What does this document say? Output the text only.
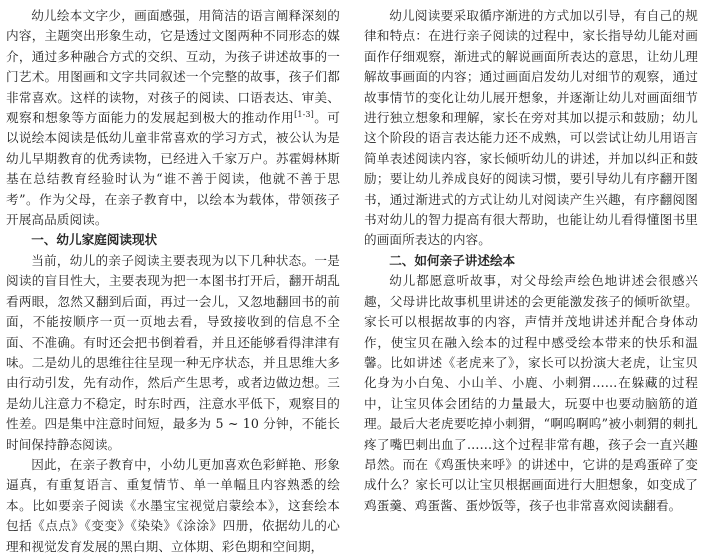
幼儿绘本文字少，画面感强，用简洁的语言阐释深刻的内容，主题突出形象生动，它是透过文图两种不同形态的媒介，通过多种融合方式的交织、互动，为孩子讲述故事的一门艺术。用图画和文字共同叙述一个完整的故事，孩子们都非常喜欢。这样的读物，对孩子的阅读、口语表达、审美、观察和想象等方面能力的发展起到极大的推动作用[1-3]。可以说绘本阅读是低幼儿童非常喜欢的学习方式，被公认为是幼儿早期教育的优秀读物，已经进入千家万户。苏霍姆林斯基在总结教育经验时认为“谁不善于阅读，他就不善于思考”。作为父母，在亲子教育中，以绘本为载体，带领孩子开展高品质阅读。

一、幼儿家庭阅读现状

当前，幼儿的亲子阅读主要表现为以下几种状态。一是阅读的盲目性大，主要表现为把一本图书打开后，翻开胡乱看两眼，忽然又翻到后面，再过一会儿，又忽地翻回书的前面，不能按顺序一页一页地去看，导致接收到的信息不全面、不准确。有时还会把书倒着看，并且还能够看得津津有味。二是幼儿的思维往往呈现一种无序状态，并且思维大多由行动引发，先有动作，然后产生思考，或者边做边想。三是幼儿注意力不稳定，时东时西，注意水平低下，观察目的性差。四是集中注意时间短，最多为 5 ~ 10 分钟，不能长时间保持静态阅读。

因此，在亲子教育中，小幼儿更加喜欢色彩鲜艳、形象逼真，有重复语言、重复情节、单一单幅且内容熟悉的绘本。比如要亲子阅读《水墨宝宝视觉启蒙绘本》，这套绘本包括《点点》《变变》《染染》《涂涂》四册，依据幼儿的心理和视觉发育发展的黑白期、立体期、彩色期和空间期，

幼儿阅读要采取循序渐进的方式加以引导，有自己的规律和特点：在进行亲子阅读的过程中，家长指导幼儿能对画面作仔细观察，渐进式的解说画面所表达的意思，让幼儿理解故事画面的内容；通过画面启发幼儿对细节的观察，通过故事情节的变化让幼儿展开想象，并逐渐让幼儿对画面细节进行独立想象和理解，家长在旁对其加以提示和鼓励；幼儿这个阶段的语言表达能力还不成熟，可以尝试让幼儿用语言简单表述阅读内容，家长倾听幼儿的讲述，并加以纠正和鼓励；要让幼儿养成良好的阅读习惯，要引导幼儿有序翻开图书，通过渐进式的方式让幼儿对阅读产生兴趣，有序翻阅图书对幼儿的智力提高有很大帮助，也能让幼儿看得懂图书里的画面所表达的内容。

二、如何亲子讲述绘本

幼儿都愿意听故事，对父母绘声绘色地讲述会很感兴趣，父母讲比故事机里讲述的会更能激发孩子的倾听欲望。家长可以根据故事的内容，声情并茂地讲述并配合身体动作，使宝贝在融入绘本的过程中感受绘本带来的快乐和温馨。比如讲述《老虎来了》，家长可以扮演大老虎，让宝贝化身为小白兔、小山羊、小鹿、小刺猬……在躲藏的过程中，让宝贝体会团结的力量最大，玩耍中也要动脑筋的道理。最后大老虎要吃掉小刺猬，“啊呜啊呜”被小刺猬的刺扎疼了嘴巴刺出血了……这个过程非常有趣，孩子会一直兴趣昂然。而在《鸡蛋快来呼》的讲述中，它讲的是鸡蛋碎了变成什么？家长可以让宝贝根据画面进行大胆想象，如变成了鸡蛋羹、鸡蛋酱、蛋炒饭等，孩子也非常喜欢阅读翻看。
